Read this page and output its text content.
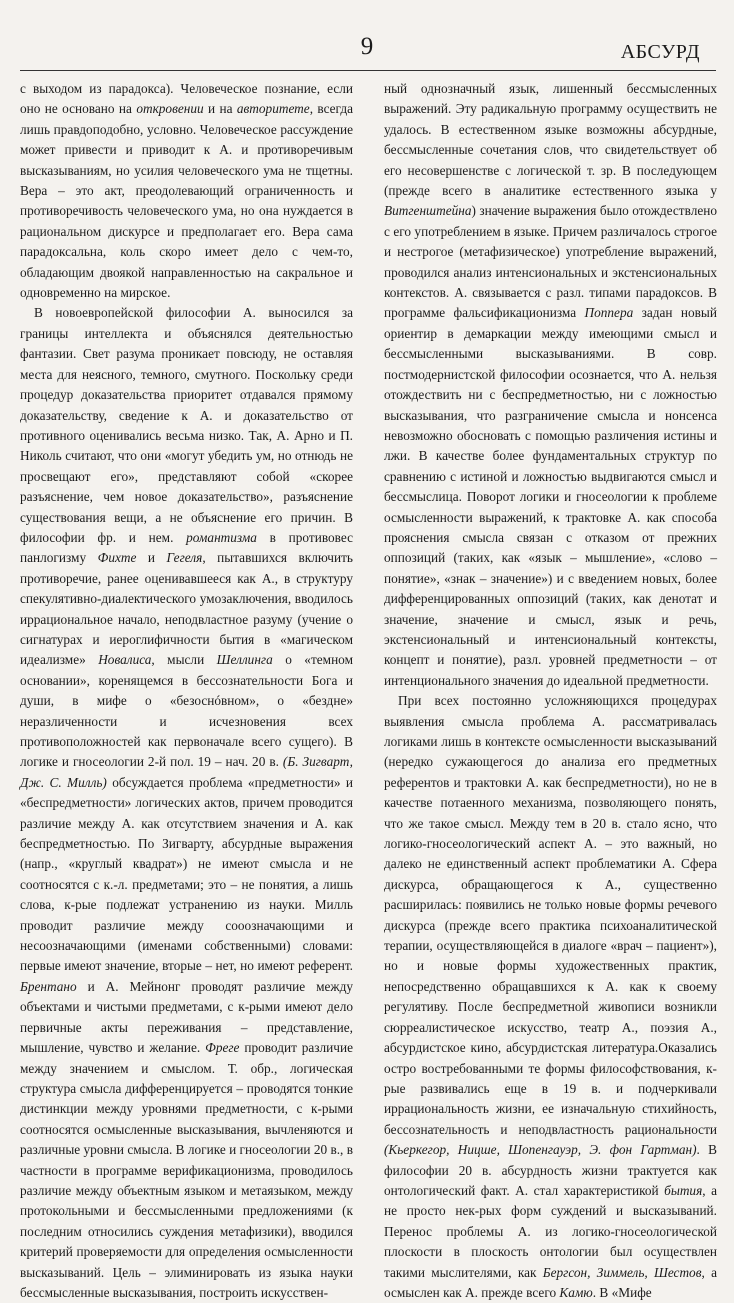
9	АБСУРД

с выходом из парадокса). Человеческое познание, если оно не основано на откровении и на авторитете, всегда лишь правдоподобно, условно. Человеческое рассуждение может привести и приводит к А. и противоречивым высказываниям, но усилия человеческого ума не тщетны. Вера – это акт, преодолевающий ограниченность и противоречивость человеческого ума, но она нуждается в рациональном дискурсе и предполагает его. Вера сама парадоксальна, коль скоро имеет дело с чем-то, обладающим двоякой направленностью на сакральное и одновременно на мирское.

В новоевропейской философии А. выносился за границы интеллекта и объяснялся деятельностью фантазии. Свет разума проникает повсюду, не оставляя места для неясного, темного, смутного. Поскольку среди процедур доказательства приоритет отдавался прямому доказательству, сведение к А. и доказательство от противного оценивались весьма низко. Так, А. Арно и П. Николь считают, что они «могут убедить ум, но отнюдь не просвещают его», представляют собой «скорее разъяснение, чем новое доказательство», разъяснение существования вещи, а не объяснение его причин. В философии фр. и нем. романтизма в противовес панлогизму Фихте и Гегеля, пытавшихся включить противоречие, ранее оценивавшееся как А., в структуру спекулятивно-диалектического умозаключения, вводилось иррациональное начало, неподвластное разуму (учение о сигнатурах и иероглифичности бытия в «магическом идеализме» Новалиса, мысли Шеллинга о «темном основании», коренящемся в бессознательности Бога и души, в мифе о «безоснóвном», о «бездне» неразличенности и исчезновения всех противоположностей как первоначале всего сущего). В логике и гносеологии 2-й пол. 19 – нач. 20 в. (Б. Зигварт, Дж. С. Милль) обсуждается проблема «предметности» и «беспредметности» логических актов, причем проводится различие между А. как отсутствием значения и А. как беспредметностью. По Зигварту, абсурдные выражения (напр., «круглый квадрат») не имеют смысла и не соотносятся с к.-л. предметами; это – не понятия, а лишь слова, к-рые подлежат устранению из науки. Милль проводит различие между сооозначающими и несоозначающими (именами собственными) словами: первые имеют значение, вторые – нет, но имеют референт. Брентано и А. Мейнонг проводят различие между объектами и чистыми предметами, с к-рыми имеют дело первичные акты переживания – представление, мышление, чувство и желание. Фреге проводит различие между значением и смыслом. Т. обр., логическая структура смысла дифференцируется – проводятся тонкие дистинкции между уровнями предметности, с к-рыми соотносятся осмысленные высказывания, вычленяются и различные уровни смысла. В логике и гносеологии 20 в., в частности в программе верификационизма, проводилось различие между объектным языком и метаязыком, между протокольными и бессмысленными предложениями (к последним относились суждения метафизики), вводился критерий проверяемости для определения осмысленности высказываний. Цель – элиминировать из языка науки бессмысленные высказывания, построить искусствен-

ный однозначный язык, лишенный бессмысленных выражений. Эту радикальную программу осуществить не удалось. В естественном языке возможны абсурдные, бессмысленные сочетания слов, что свидетельствует об его несовершенстве с логической т. зр. В последующем (прежде всего в аналитике естественного языка у Витгенштейна) значение выражения было отождествлено с его употреблением в языке. Причем различалось строгое и нестрогое (метафизическое) употребление выражений, проводился анализ интенсиональных и экстенсиональных контекстов. А. связывается с разл. типами парадоксов. В программе фальсификационизма Поппера задан новый ориентир в демаркации между имеющими смысл и бессмысленными высказываниями. В совр. постмодернистской философии осознается, что А. нельзя отождествить ни с беспредметностью, ни с ложностью высказывания, что разграничение смысла и нонсенса невозможно обосновать с помощью различения истины и лжи. В качестве более фундаментальных структур по сравнению с истиной и ложностью выдвигаются смысл и бессмыслица. Поворот логики и гносеологии к проблеме осмысленности выражений, к трактовке А. как способа прояснения смысла связан с отказом от прежних оппозиций (таких, как «язык – мышление», «слово – понятие», «знак – значение») и с введением новых, более дифференцированных оппозиций (таких, как денотат и значение, значение и смысл, язык и речь, экстенсиональный и интенсиональный контексты, концепт и понятие), разл. уровней предметности – от интенционального значения до идеальной предметности.

При всех постоянно усложняющихся процедурах выявления смысла проблема А. рассматривалась логиками лишь в контексте осмысленности высказываний (нередко сужающегося до анализа его предметных референтов и трактовки А. как беспредметности), но не в качестве потаенного механизма, позволяющего понять, что же такое смысл. Между тем в 20 в. стало ясно, что логико-гносеологический аспект А. – это важный, но далеко не единственный аспект проблематики А. Сфера дискурса, обращающегося к А., существенно расширилась: появились не только новые формы речевого дискурса (прежде всего практика психоаналитической терапии, осуществляющейся в диалоге «врач – пациент»), но и новые формы художественных практик, непосредственно обращавшихся к А. как к своему регулятиву. После беспредметной живописи возникли сюрреалистическое искусство, театр А., поэзия А., абсурдистское кино, абсурдистская литература.Оказались остро востребованными те формы философствования, к-рые развивались еще в 19 в. и подчеркивали иррациональность жизни, ее изначальную стихийность, бессознательность и неподвластность рациональности (Кьеркегор, Ницше, Шопенгауэр, Э. фон Гартман). В философии 20 в. абсурдность жизни трактуется как онтологический факт. А. стал характеристикой бытия, а не просто нек-рых форм суждений и высказываний. Перенос проблемы А. из логико-гносеологической плоскости в плоскость онтологии был осуществлен такими мыслителями, как Бергсон, Зиммель, Шестов, а осмыслен как А. прежде всего Камю. В «Мифе
